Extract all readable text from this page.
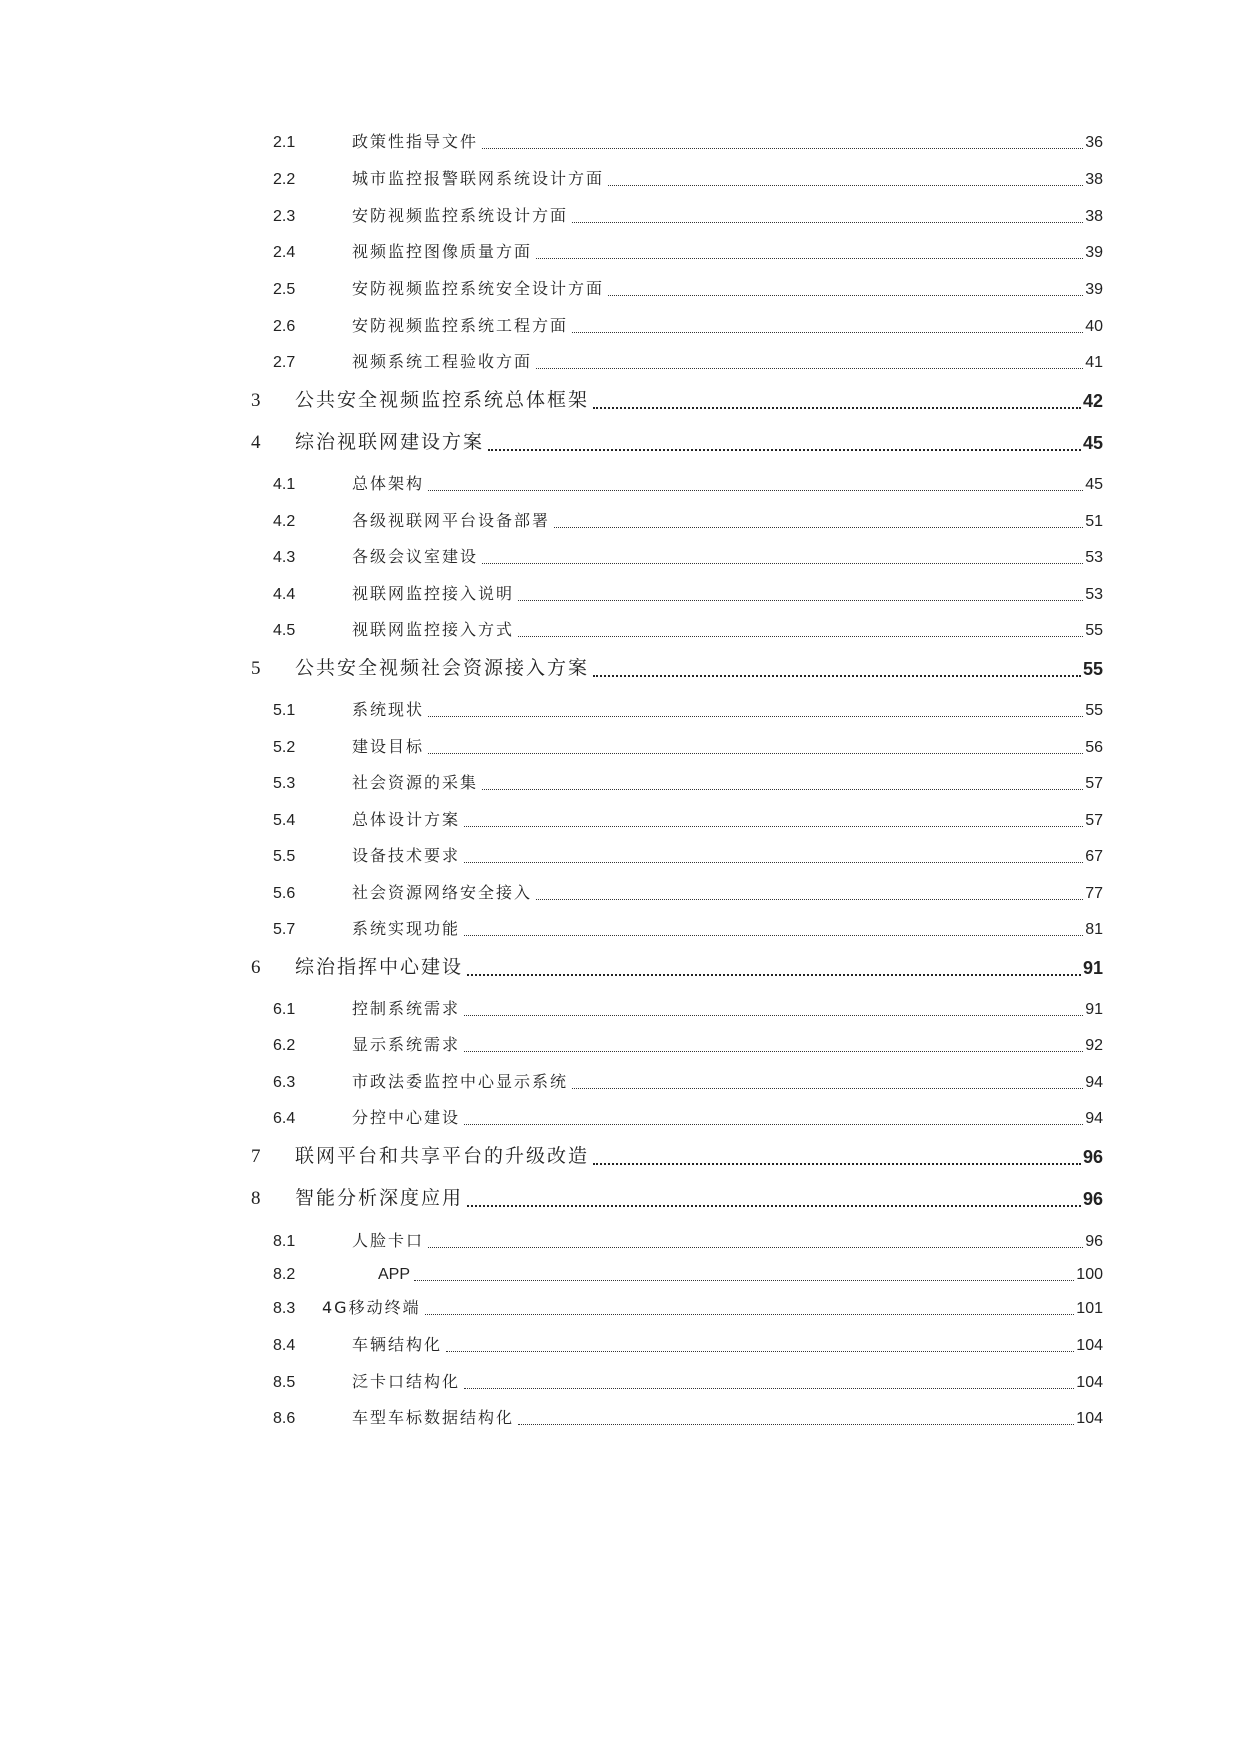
2.1	政策性指导文件	36
2.2	城市监控报警联网系统设计方面	38
2.3	安防视频监控系统设计方面	38
2.4	视频监控图像质量方面	39
2.5	安防视频监控系统安全设计方面	39
2.6	安防视频监控系统工程方面	40
2.7	视频系统工程验收方面	41
3 公共安全视频监控系统总体框架	42
4 综治视联网建设方案	45
4.1	总体架构	45
4.2	各级视联网平台设备部署	51
4.3	各级会议室建设	53
4.4	视联网监控接入说明	53
4.5	视联网监控接入方式	55
5 公共安全视频社会资源接入方案	55
5.1	系统现状	55
5.2	建设目标	56
5.3	社会资源的采集	57
5.4	总体设计方案	57
5.5	设备技术要求	67
5.6	社会资源网络安全接入	77
5.7	系统实现功能	81
6 综治指挥中心建设	91
6.1	控制系统需求	91
6.2	显示系统需求	92
6.3	市政法委监控中心显示系统	94
6.4	分控中心建设	94
7 联网平台和共享平台的升级改造	96
8 智能分析深度应用	96
8.1	人脸卡口	96
8.2	APP	100
8.3 4G移动终端	101
8.4	车辆结构化	104
8.5	泛卡口结构化	104
8.6	车型车标数据结构化	104
